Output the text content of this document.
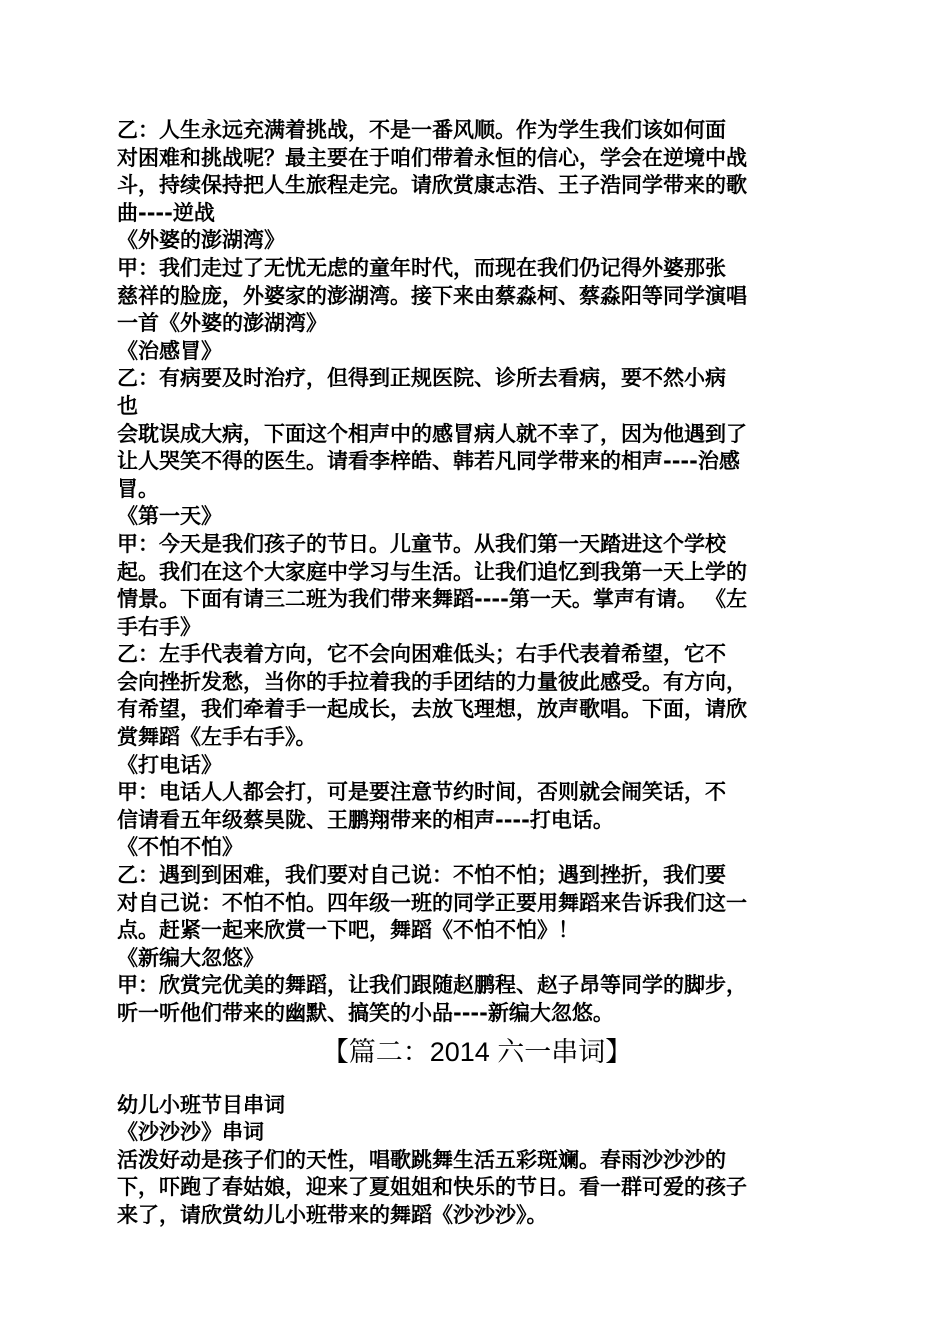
乙：人生永远充满着挑战，不是一番风顺。作为学生我们该如何面
对困难和挑战呢？最主要在于咱们带着永恒的信心，学会在逆境中战
斗，持续保持把人生旅程走完。请欣赏康志浩、王子浩同学带来的歌
曲----逆战
《外婆的澎湖湾》
甲：我们走过了无忧无虑的童年时代，而现在我们仍记得外婆那张
慈祥的脸庞，外婆家的澎湖湾。接下来由蔡淼柯、蔡淼阳等同学演唱
一首《外婆的澎湖湾》
《治感冒》
乙：有病要及时治疗，但得到正规医院、诊所去看病，要不然小病
也
会耽误成大病，下面这个相声中的感冒病人就不幸了，因为他遇到了
让人哭笑不得的医生。请看李梓皓、韩若凡同学带来的相声----治感
冒。
《第一天》
甲：今天是我们孩子的节日。儿童节。从我们第一天踏进这个学校
起。我们在这个大家庭中学习与生活。让我们追忆到我第一天上学的
情景。下面有请三二班为我们带来舞蹈----第一天。掌声有请。 《左
手右手》
乙：左手代表着方向，它不会向困难低头；右手代表着希望，它不
会向挫折发愁，当你的手拉着我的手团结的力量彼此感受。有方向，
有希望，我们牵着手一起成长，去放飞理想，放声歌唱。下面，请欣
赏舞蹈《左手右手》。
《打电话》
甲：电话人人都会打，可是要注意节约时间，否则就会闹笑话，不
信请看五年级蔡昊陇、王鹏翔带来的相声----打电话。
《不怕不怕》
乙：遇到到困难，我们要对自己说：不怕不怕；遇到挫折，我们要
对自己说：不怕不怕。四年级一班的同学正要用舞蹈来告诉我们这一
点。赶紧一起来欣赏一下吧，舞蹈《不怕不怕》！
《新编大忽悠》
甲：欣赏完优美的舞蹈，让我们跟随赵鹏程、赵子昂等同学的脚步，
听一听他们带来的幽默、搞笑的小品----新编大忽悠。
【篇二：2014 六一串词】
幼儿小班节目串词
《沙沙沙》串词
活泼好动是孩子们的天性，唱歌跳舞生活五彩斑斓。春雨沙沙沙的
下，吓跑了春姑娘，迎来了夏姐姐和快乐的节日。看一群可爱的孩子
来了，请欣赏幼儿小班带来的舞蹈《沙沙沙》。
